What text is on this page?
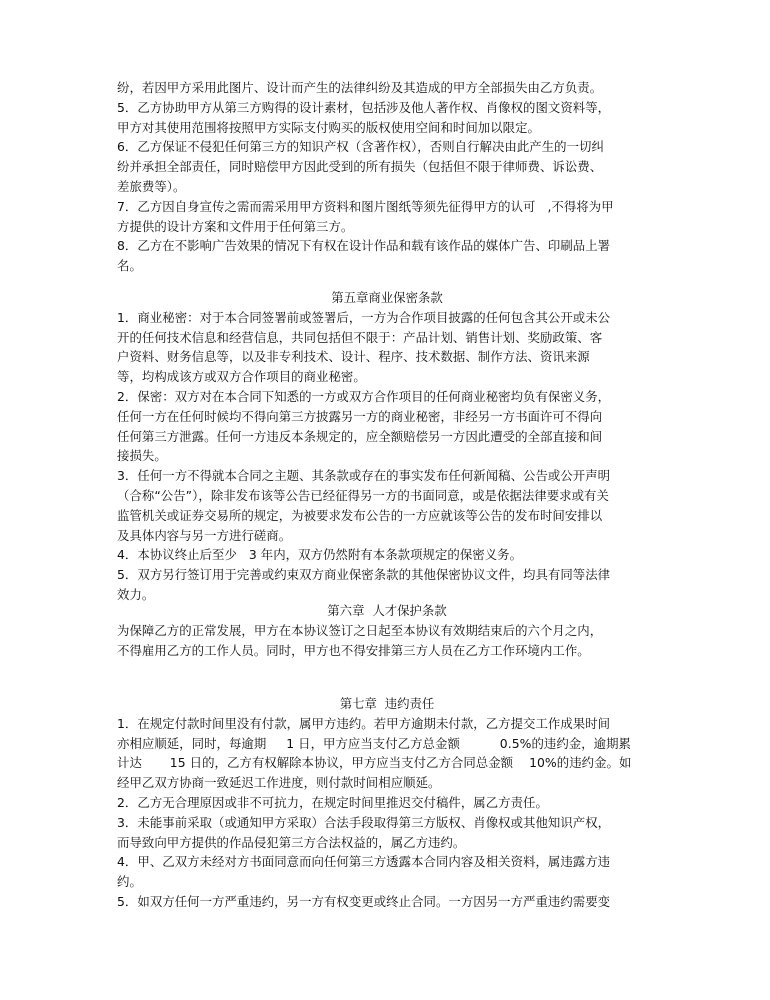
纷，若因甲方采用此图片、设计而产生的法律纠纷及其造成的甲方全部损失由乙方负责。
5．乙方协助甲方从第三方购得的设计素材，包括涉及他人著作权、肖像权的图文资料等，
甲方对其使用范围将按照甲方实际支付购买的版权使用空间和时间加以限定。
6．乙方保证不侵犯任何第三方的知识产权（含著作权），否则自行解决由此产生的一切纠
纷并承担全部责任，同时赔偿甲方因此受到的所有损失（包括但不限于律师费、诉讼费、
差旅费等）。
7．乙方因自身宣传之需而需采用甲方资料和图片图纸等须先征得甲方的认可   ,不得将为甲
方提供的设计方案和文件用于任何第三方。
8．乙方在不影响广告效果的情况下有权在设计作品和载有该作品的媒体广告、印刷品上署
名。
第五章商业保密条款
1．商业秘密：对于本合同签署前或签署后，一方为合作项目披露的任何包含其公开或未公
开的任何技术信息和经营信息，共同包括但不限于：产品计划、销售计划、奖励政策、客
户资料、财务信息等，以及非专利技术、设计、程序、技术数据、制作方法、资讯来源
等，均构成该方或双方合作项目的商业秘密。
2．保密：双方对在本合同下知悉的一方或双方合作项目的任何商业秘密均负有保密义务，
任何一方在任何时候均不得向第三方披露另一方的商业秘密，非经另一方书面许可不得向
任何第三方泄露。任何一方违反本条规定的，应全额赔偿另一方因此遭受的全部直接和间
接损失。
3．任何一方不得就本合同之主题、其条款或存在的事实发布任何新闻稿、公告或公开声明
（合称“公告”），除非发布该等公告已经征得另一方的书面同意，或是依据法律要求或有关
监管机关或证券交易所的规定，为被要求发布公告的一方应就该等公告的发布时间安排以
及具体内容与另一方进行磋商。
4．本协议终止后至少   3 年内，双方仍然附有本条款项规定的保密义务。
5．双方另行签订用于完善或约束双方商业保密条款的其他保密协议文件，均具有同等法律
效力。
第六章  人才保护条款
为保障乙方的正常发展，甲方在本协议签订之日起至本协议有效期结束后的六个月之内，
不得雇用乙方的工作人员。同时，甲方也不得安排第三方人员在乙方工作环境内工作。
第七章  违约责任
1．在规定付款时间里没有付款，属甲方违约。若甲方逾期未付款，乙方提交工作成果时间
亦相应顺延，同时，每逾期     1 日，甲方应当支付乙方总金额          0.5%的违约金，逾期累
计达       15 日的，乙方有权解除本协议，甲方应当支付乙方合同总金额    10%的违约金。如
经甲乙双方协商一致延迟工作进度，则付款时间相应顺延。
2．乙方无合理原因或非不可抗力，在规定时间里推迟交付稿件，属乙方责任。
3．未能事前采取（或通知甲方采取）合法手段取得第三方版权、肖像权或其他知识产权，
而导致向甲方提供的作品侵犯第三方合法权益的，属乙方违约。
4．甲、乙双方未经对方书面同意而向任何第三方透露本合同内容及相关资料，属违露方违
约。
5．如双方任何一方严重违约，另一方有权变更或终止合同。一方因另一方严重违约需要变
